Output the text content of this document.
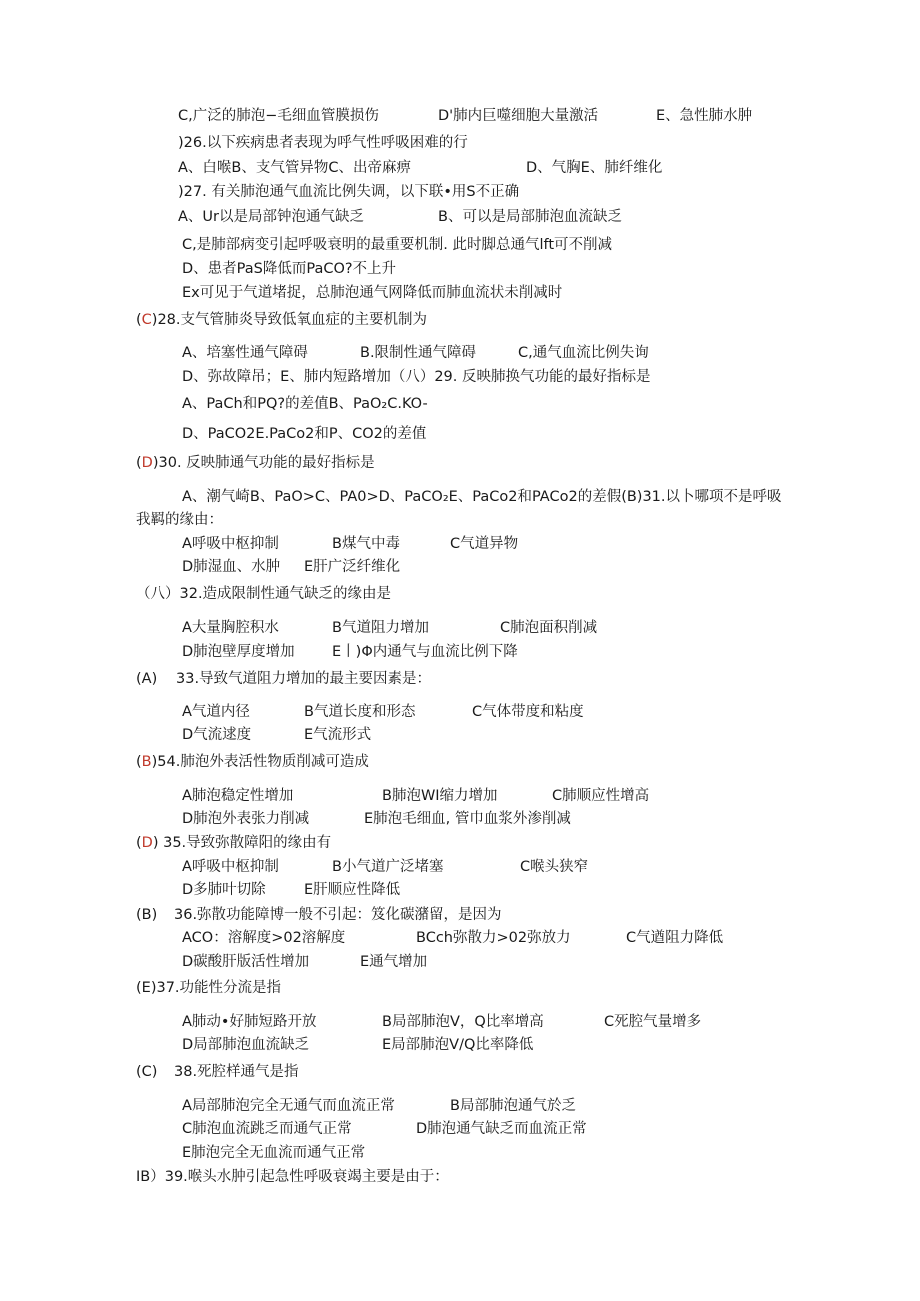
C,广泛的肺泡−毛细血管膜损伤	D'肺内巨噬细胞大量激活	E、急性肺水肿
)26.以下疾病患者表现为呼气性呼吸困难的行
A、白喉B、支气管异物C、出帝麻痹	D、气胸E、肺纤维化
)27. 有关肺泡通气血流比例失调，以下联•用S不正确
A、Ur以是局部钟泡通气缺乏	B、可以是局部肺泡血流缺乏
C,是肺部病变引起呼吸衰明的最重要机制. 此时脚总通气lft可不削减
D、患者PaS降低而PaCO?不上升
Ex可见于气道堵捉，总肺泡通气网降低而肺血流状未削减时
(C)28.支气管肺炎导致低氧血症的主要机制为
A、培塞性通气障碍	B.限制性通气障碍	C,通气血流比例失询
D、弥故障吊；E、肺内短路增加（八）29. 反映肺换气功能的最好指标是
A、PaCh和PQ?的差值B、PaO₂C.KO-
D、PaCO2E.PaCo2和P、CO2的差值
(D)30. 反映肺通气功能的最好指标是
A、潮气崎B、PaO>C、PA0>D、PaCO₂E、PaCo2和PACo2的差假(B)31.以卜哪项不是呼吸
我羁的缘由：
A呼吸中枢抑制	B煤气中毒	C气道异物
D肺湿血、水肿 E肝广泛纤维化
（八）32.造成限制性通气缺乏的缘由是
A大量胸腔积水	B气道阻力增加	C肺泡面积削减
D肺泡壁厚度增加	E丨)Φ内通气与血流比例下降
(A) 33.导致气道阻力增加的最主要因素是：
A气道内径	B气道长度和形态	C气体带度和粘度
D气流逑度	E气流形式
(B)54.肺泡外表活性物质削减可造成
A肺泡稳定性增加	B肺泡WI缩力增加	C肺顺应性增高
D肺泡外表张力削减	E肺泡毛细血, 管巾血浆外渗削减
(D) 35.导致弥散障阳的缘由有
A呼吸中枢抑制	B小气道广泛堵塞	C喉头狭窄
D多肺叶切除	E肝顺应性降低
(B) 36.弥散功能障博一般不引起：笈化碳潴留，是因为
ACO：溶解度>02溶解度	BCch弥散力>02弥放力	C气遒阻力降低
D碳酸肝版活性增加	E通气增加
(E)37.功能性分流是指
A肺动•好肺短路开放	B局部肺泡V，Q比率增高	C死腔气量增多
D局部肺泡血流缺乏	E局部肺泡V/Q比率降低
(C) 38.死腔样通气是指
A局部肺泡完全无通气而血流正常	B局部肺泡通气於乏
C肺泡血流跳乏而通气正常	D肺泡通气缺乏而血流正常
E肺泡完全无血流而通气正常
IB）39.喉头水肿引起急性呼吸衰竭主要是由于：
